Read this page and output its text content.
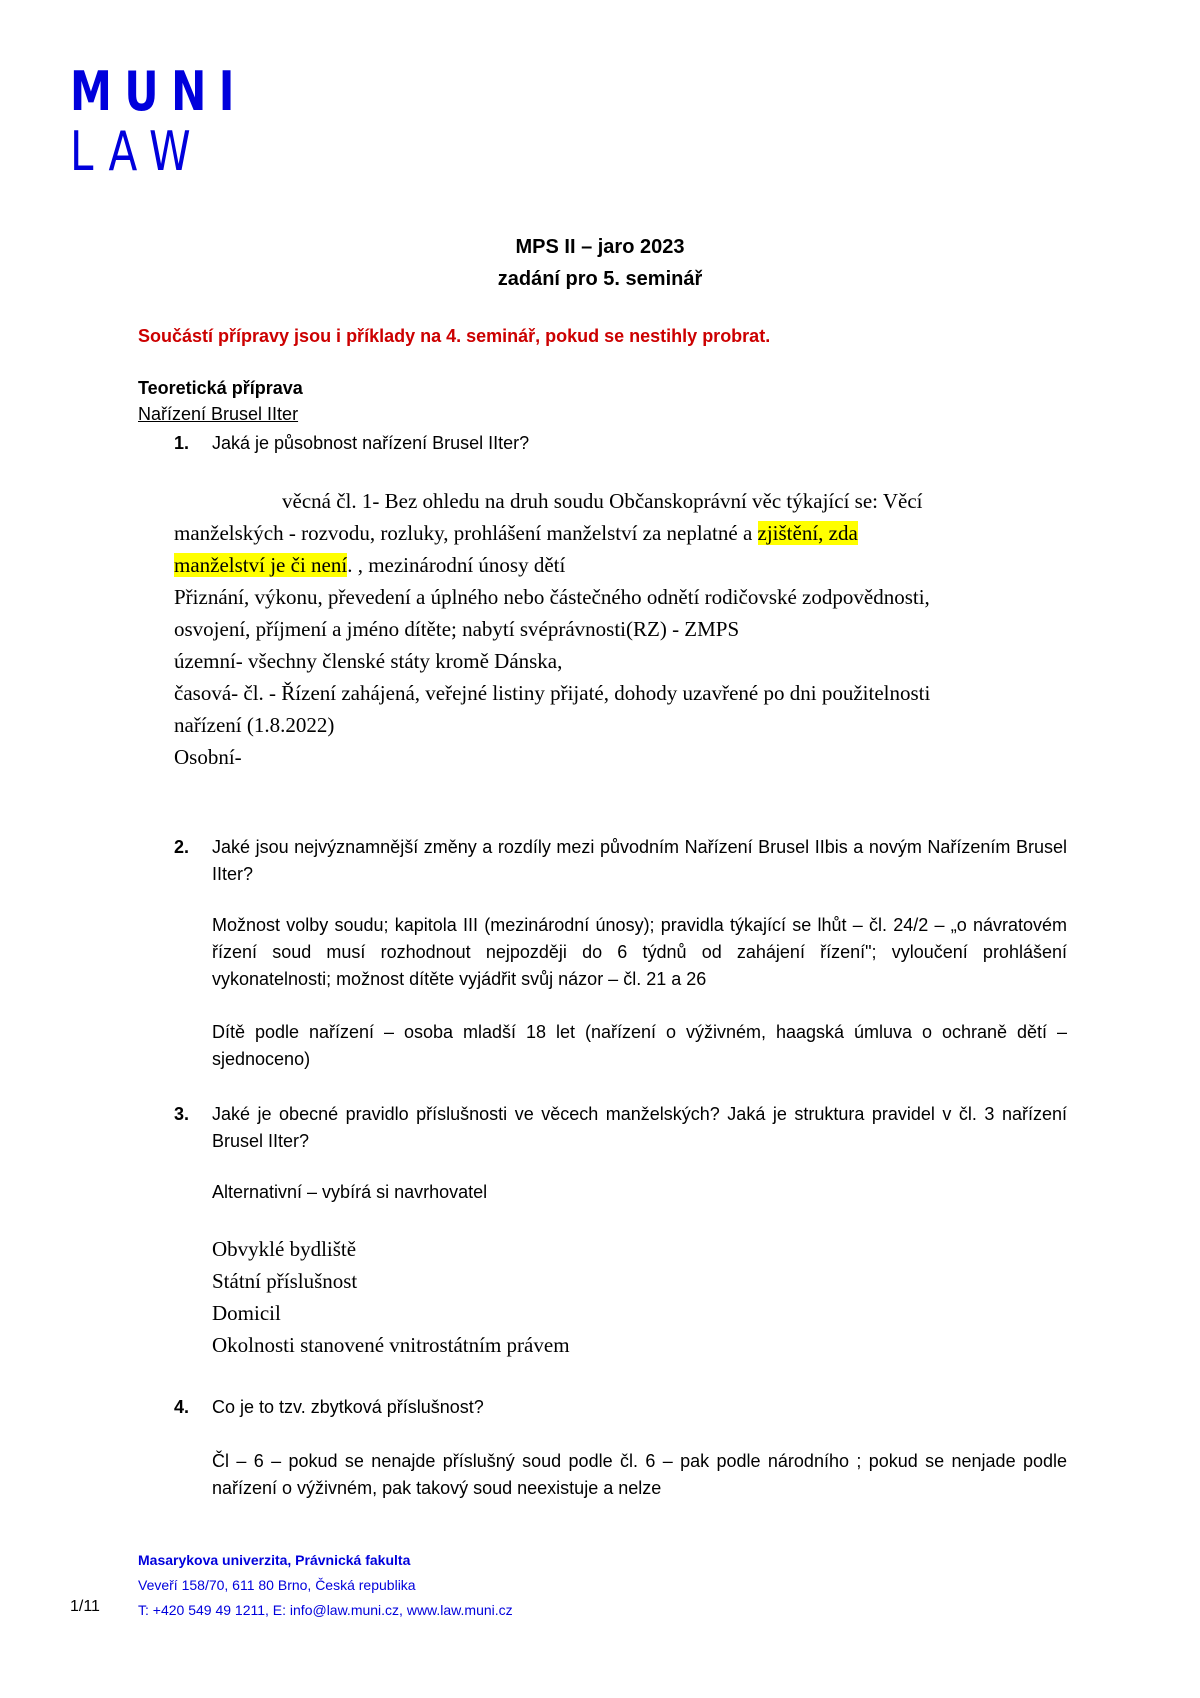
MUNI
LAW
MPS II – jaro 2023
zadání pro 5. seminář
Součástí přípravy jsou i příklady na 4. seminář, pokud se nestihly probrat.
Teoretická příprava
Nařízení Brusel IIter
1. Jaká je působnost nařízení Brusel IIter?
věcná čl. 1- Bez ohledu na druh soudu Občanskoprávní věc týkající se: Věcí
manželských - rozvodu, rozluky, prohlášení manželství za neplatné a zjištění, zda
manželství je či není. , mezinárodní únosy dětí
Přiznání, výkonu, převedení a úplného nebo částečného odnětí rodičovské zodpovědnosti,
osvojení, příjmení a jméno dítěte; nabytí svéprávnosti(RZ) - ZMPS
územní- všechny členské státy kromě Dánska,
časová- čl. - Řízení zahájená, veřejné listiny přijaté, dohody uzavřené po dni použitelnosti
nařízení (1.8.2022)
Osobní-
2. Jaké jsou nejvýznamnější změny a rozdíly mezi původním Nařízení Brusel IIbis a novým Nařízením Brusel IIter?
Možnost volby soudu; kapitola III (mezinárodní únosy); pravidla týkající se lhůt – čl. 24/2 – „o návratovém řízení soud musí rozhodnout nejpozději do 6 týdnů od zahájení řízení"; vyloučení prohlášení vykonatelnosti; možnost dítěte vyjádřit svůj názor – čl. 21 a 26
Dítě podle nařízení – osoba mladší 18 let (nařízení o výživném, haagská úmluva o ochraně dětí – sjednoceno)
3. Jaké je obecné pravidlo příslušnosti ve věcech manželských? Jaká je struktura pravidel v čl. 3 nařízení Brusel IIter?
Alternativní – vybírá si navrhovatel
Obvyklé bydliště
Státní příslušnost
Domicil
Okolnosti stanovené vnitrostátním právem
4. Co je to tzv. zbytková příslušnost?
Čl – 6 – pokud se nenajde příslušný soud podle čl. 6 – pak podle národního ; pokud se nenjade podle nařízení o výživném, pak takový soud neexistuje a nelze
Masarykova univerzita, Právnická fakulta
Veveří 158/70, 611 80 Brno, Česká republika
T: +420 549 49 1211, E: info@law.muni.cz, www.law.muni.cz
1/11
